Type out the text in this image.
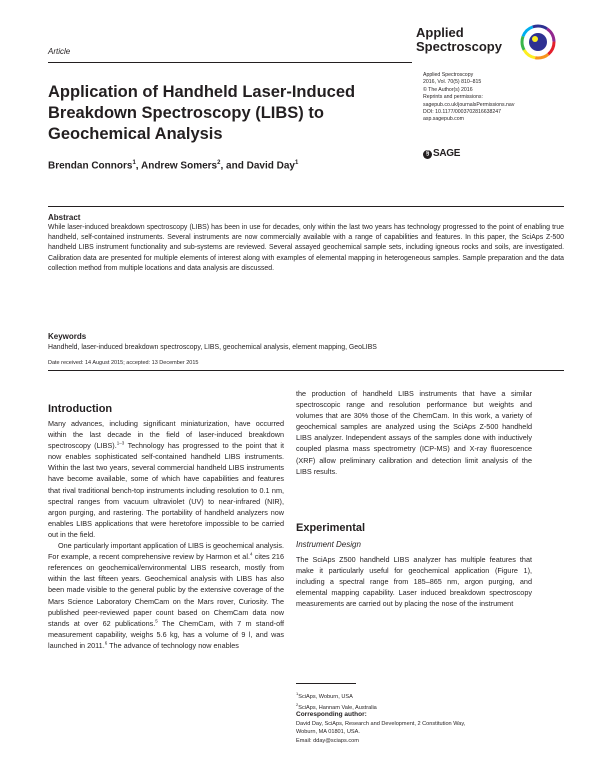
Article
Applied
Spectroscopy
Applied Spectroscopy
2016, Vol. 70(5) 810–815
© The Author(s) 2016
Reprints and permissions:
sagepub.co.uk/journalsPermissions.nav
DOI: 10.1177/0003702816638247
asp.sagepub.com
§ SAGE
Application of Handheld Laser-Induced Breakdown Spectroscopy (LIBS) to Geochemical Analysis
Brendan Connors$^1$, Andrew Somers$^2$, and David Day$^1$
Abstract
While laser-induced breakdown spectroscopy (LIBS) has been in use for decades, only within the last two years has technology progressed to the point of enabling true handheld, self-contained instruments. Several instruments are now commercially available with a range of capabilities and features. In this paper, the SciAps Z-500 handheld LIBS instrument functionality and sub-systems are reviewed. Several assayed geochemical sample sets, including igneous rocks and soils, are investigated. Calibration data are presented for multiple elements of interest along with examples of elemental mapping in heterogeneous samples. Sample preparation and the data collection method from multiple locations and data analysis are discussed.
Keywords
Handheld, laser-induced breakdown spectroscopy, LIBS, geochemical analysis, element mapping, GeoLIBS
Date received: 14 August 2015; accepted: 13 December 2015
Introduction

Many advances, including significant miniaturization, have occurred within the last decade in the field of laser-induced breakdown spectroscopy (LIBS).$^{1-3}$ Technology has progressed to the point that it now enables sophisticated self-contained handheld LIBS instruments. Within the last two years, several commercial handheld LIBS instruments have become available, some of which have capabilities and features that rival traditional bench-top instruments including resolution to 0.1 nm, spectral ranges from vacuum ultraviolet (UV) to near-infrared (NIR), argon purging, and rastering. The portability of handheld analyzers now enables LIBS applications that were heretofore impossible to be carried out in the field.

One particularly important application of LIBS is geochemical analysis. For example, a recent comprehensive review by Harmon et al.$^4$ cites 216 references on geochemical/environmental LIBS research, mostly from within the last fifteen years. Geochemical analysis with LIBS has also been made visible to the general public by the extensive coverage of the Mars Science Laboratory ChemCam on the Mars rover, Curiosity. The published peer-reviewed paper count based on ChemCam data now stands at over 62 publications.$^5$ The ChemCam, with 7 m stand-off measurement capability, weighs 5.6 kg, has a volume of 9 l, and was launched in 2011.$^6$ The advance of technology now enables

the production of handheld LIBS instruments that have a similar spectroscopic range and resolution performance but weights and volumes that are 30% those of the ChemCam. In this work, a variety of geochemical samples are analyzed using the SciAps Z-500 handheld LIBS analyzer. Independent assays of the samples done with inductively coupled plasma mass spectrometry (ICP-MS) and X-ray fluorescence (XRF) allow preliminary calibration and detection limit analysis of the LIBS results.

Experimental
Instrument Design

The SciAps Z500 handheld LIBS analyzer has multiple features that make it particularly useful for geochemical application (Figure 1), including a spectral range from 185–865 nm, argon purging, and elemental mapping capability. Laser induced breakdown spectroscopy measurements are carried out by placing the nose of the instrument

$^1$SciAps, Woburn, USA
$^2$SciAps, Hannam Vale, Australia
Corresponding author:
David Day, SciAps, Research and Development, 2 Constitution Way,
Woburn, MA 01801, USA.
Email: dday@sciaps.com
